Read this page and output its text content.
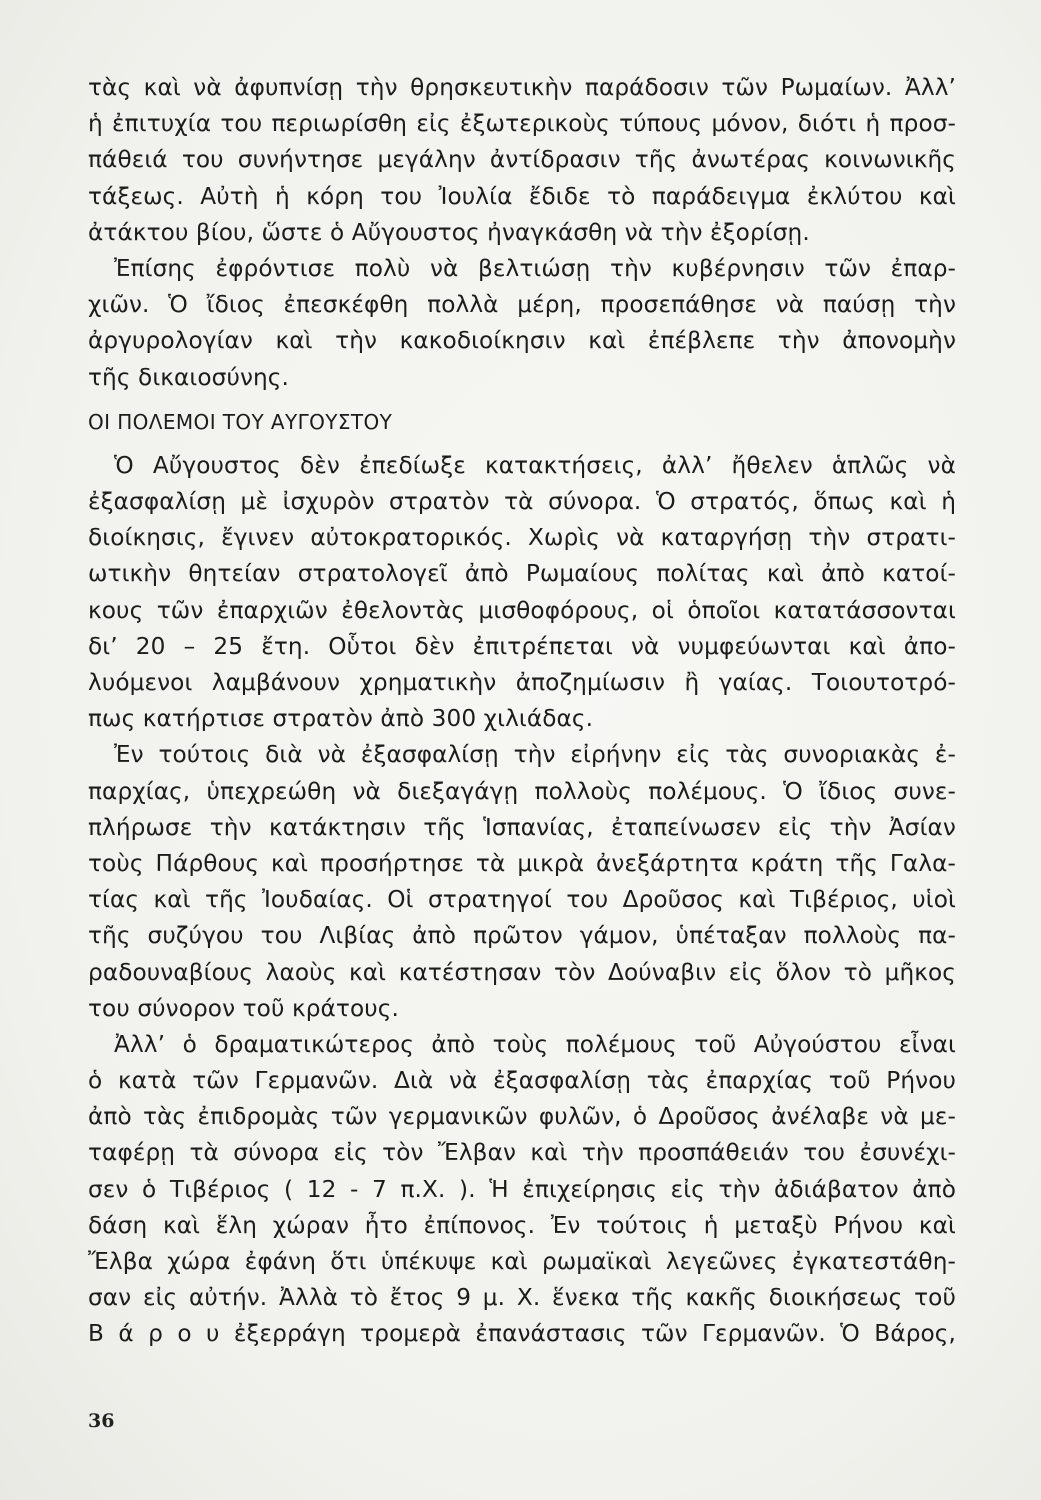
τὰς καὶ νὰ ἀφυπνίσῃ τὴν θρησκευτικὴν παράδοσιν τῶν Ρωμαίων. Ἀλλ’
ἡ ἐπιτυχία του περιωρίσθη εἰς ἐξωτερικοὺς τύπους μόνον, διότι ἡ προσ-
πάθειά του συνήντησε μεγάλην ἀντίδρασιν τῆς ἀνωτέρας κοινωνικῆς
τάξεως. Αὐτὴ ἡ κόρη του Ἰουλία ἔδιδε τὸ παράδειγμα ἐκλύτου καὶ
ἀτάκτου βίου, ὥστε ὁ Αὔγουστος ἠναγκάσθη νὰ τὴν ἐξορίσῃ.
Ἐπίσης ἐφρόντισε πολὺ νὰ βελτιώσῃ τὴν κυβέρνησιν τῶν ἐπαρ-
χιῶν. Ὁ ἴδιος ἐπεσκέφθη πολλὰ μέρη, προσεπάθησε νὰ παύσῃ τὴν
ἀργυρολογίαν καὶ τὴν κακοδιοίκησιν καὶ ἐπέβλεπε τὴν ἀπονομὴν
τῆς δικαιοσύνης.
ΟΙ ΠΟΛΕΜΟΙ ΤΟΥ ΑΥΓΟΥΣΤΟΥ
Ὁ Αὔγουστος δὲν ἐπεδίωξε κατακτήσεις, ἀλλ’ ἤθελεν ἁπλῶς νὰ
ἐξασφαλίσῃ μὲ ἰσχυρὸν στρατὸν τὰ σύνορα. Ὁ στρατός, ὅπως καὶ ἡ
διοίκησις, ἔγινεν αὐτοκρατορικός. Χωρὶς νὰ καταργήσῃ τὴν στρατι-
ωτικὴν θητείαν στρατολογεῖ ἀπὸ Ρωμαίους πολίτας καὶ ἀπὸ κατοί-
κους τῶν ἐπαρχιῶν ἐθελοντὰς μισθοφόρους, οἱ ὁποῖοι κατατάσσονται
δι’ 20 – 25 ἔτη. Οὗτοι δὲν ἐπιτρέπεται νὰ νυμφεύωνται καὶ ἀπο-
λυόμενοι λαμβάνουν χρηματικὴν ἀποζημίωσιν ἢ γαίας. Τοιουτοτρό-
πως κατήρτισε στρατὸν ἀπὸ 300 χιλιάδας.
Ἐν τούτοις διὰ νὰ ἐξασφαλίσῃ τὴν εἰρήνην εἰς τὰς συνοριακὰς ἐ-
παρχίας, ὑπεχρεώθη νὰ διεξαγάγῃ πολλοὺς πολέμους. Ὁ ἴδιος συνε-
πλήρωσε τὴν κατάκτησιν τῆς Ἱσπανίας, ἐταπείνωσεν εἰς τὴν Ἀσίαν
τοὺς Πάρθους καὶ προσήρτησε τὰ μικρὰ ἀνεξάρτητα κράτη τῆς Γαλα-
τίας καὶ τῆς Ἰουδαίας. Οἱ στρατηγοί του Δροῦσος καὶ Τιβέριος, υἱοὶ
τῆς συζύγου του Λιβίας ἀπὸ πρῶτον γάμον, ὑπέταξαν πολλοὺς πα-
ραδουναβίους λαοὺς καὶ κατέστησαν τὸν Δούναβιν εἰς ὅλον τὸ μῆκος
του σύνορον τοῦ κράτους.
Ἀλλ’ ὁ δραματικώτερος ἀπὸ τοὺς πολέμους τοῦ Αὐγούστου εἶναι
ὁ κατὰ τῶν Γερμανῶν. Διὰ νὰ ἐξασφαλίσῃ τὰς ἐπαρχίας τοῦ Ρήνου
ἀπὸ τὰς ἐπιδρομὰς τῶν γερμανικῶν φυλῶν, ὁ Δροῦσος ἀνέλαβε νὰ με-
ταφέρῃ τὰ σύνορα εἰς τὸν Ἔλβαν καὶ τὴν προσπάθειάν του ἐσυνέχι-
σεν ὁ Τιβέριος ( 12 - 7 π.Χ. ). Ἡ ἐπιχείρησις εἰς τὴν ἀδιάβατον ἀπὸ
δάση καὶ ἕλη χώραν ἦτο ἐπίπονος. Ἐν τούτοις ἡ μεταξὺ Ρήνου καὶ
Ἔλβα χώρα ἐφάνη ὅτι ὑπέκυψε καὶ ρωμαϊκαὶ λεγεῶνες ἐγκατεστάθη-
σαν εἰς αὐτήν. Ἀλλὰ τὸ ἔτος 9 μ. Χ. ἕνεκα τῆς κακῆς διοικήσεως τοῦ
Β ά ρ ο υ ἐξερράγη τρομερὰ ἐπανάστασις τῶν Γερμανῶν. Ὁ Βάρος,
36
